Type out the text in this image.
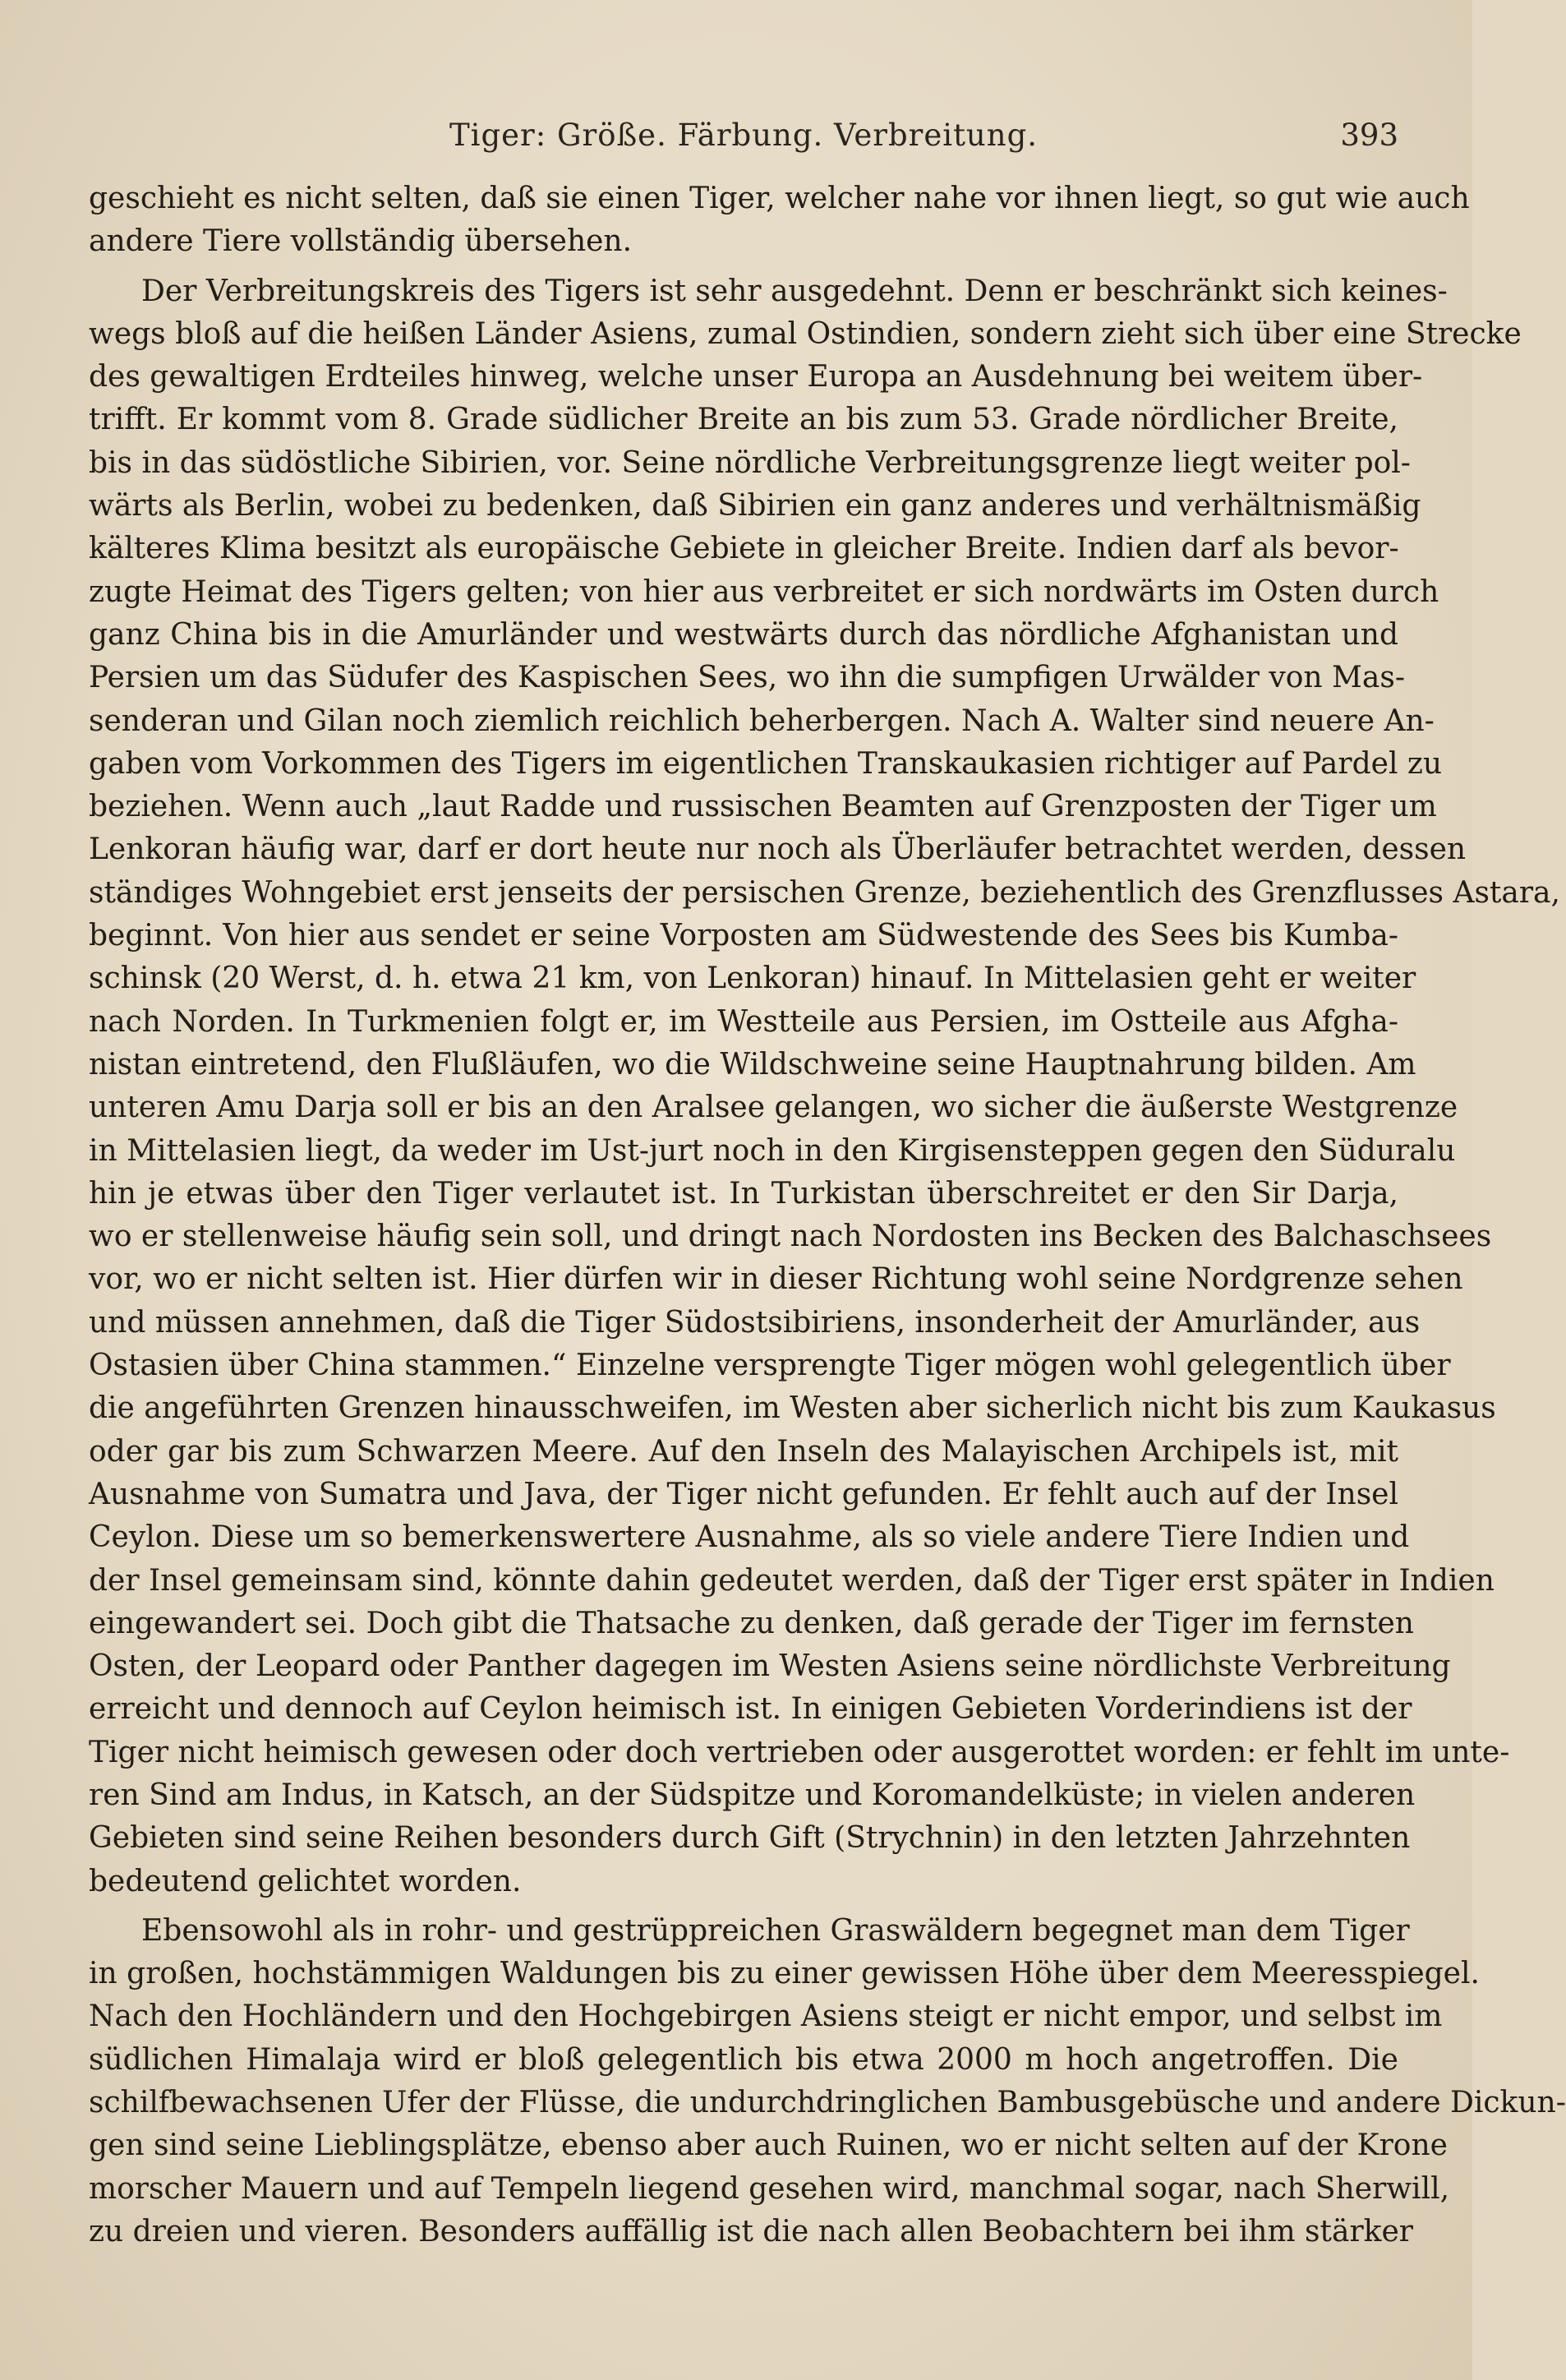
Tiger: Größe. Färbung. Verbreitung.	393
geschieht es nicht selten, daß sie einen Tiger, welcher nahe vor ihnen liegt, so gut wie auch
andere Tiere vollständig übersehen.
Der Verbreitungskreis des Tigers ist sehr ausgedehnt. Denn er beschränkt sich keines-
wegs bloß auf die heißen Länder Asiens, zumal Ostindien, sondern zieht sich über eine Strecke
des gewaltigen Erdteiles hinweg, welche unser Europa an Ausdehnung bei weitem über-
trifft. Er kommt vom 8. Grade südlicher Breite an bis zum 53. Grade nördlicher Breite,
bis in das südöstliche Sibirien, vor. Seine nördliche Verbreitungsgrenze liegt weiter pol-
wärts als Berlin, wobei zu bedenken, daß Sibirien ein ganz anderes und verhältnismäßig
kälteres Klima besitzt als europäische Gebiete in gleicher Breite. Indien darf als bevor-
zugte Heimat des Tigers gelten; von hier aus verbreitet er sich nordwärts im Osten durch
ganz China bis in die Amurländer und westwärts durch das nördliche Afghanistan und
Persien um das Südufer des Kaspischen Sees, wo ihn die sumpfigen Urwälder von Mas-
senderan und Gilan noch ziemlich reichlich beherbergen. Nach A. Walter sind neuere An-
gaben vom Vorkommen des Tigers im eigentlichen Transkaukasien richtiger auf Pardel zu
beziehen. Wenn auch „laut Radde und russischen Beamten auf Grenzposten der Tiger um
Lenkoran häufig war, darf er dort heute nur noch als Überläufer betrachtet werden, dessen
ständiges Wohngebiet erst jenseits der persischen Grenze, beziehentlich des Grenzflusses Astara,
beginnt. Von hier aus sendet er seine Vorposten am Südwestende des Sees bis Kumba-
schinsk (20 Werst, d. h. etwa 21 km, von Lenkoran) hinauf. In Mittelasien geht er weiter
nach Norden. In Turkmenien folgt er, im Westteile aus Persien, im Ostteile aus Afgha-
nistan eintretend, den Flußläufen, wo die Wildschweine seine Hauptnahrung bilden. Am
unteren Amu Darja soll er bis an den Aralsee gelangen, wo sicher die äußerste Westgrenze
in Mittelasien liegt, da weder im Ust-jurt noch in den Kirgisensteppen gegen den Süduralu
hin je etwas über den Tiger verlautet ist. In Turkistan überschreitet er den Sir Darja,
wo er stellenweise häufig sein soll, und dringt nach Nordosten ins Becken des Balchaschsees
vor, wo er nicht selten ist. Hier dürfen wir in dieser Richtung wohl seine Nordgrenze sehen
und müssen annehmen, daß die Tiger Südostsibiriens, insonderheit der Amurländer, aus
Ostasien über China stammen.“ Einzelne versprengte Tiger mögen wohl gelegentlich über
die angeführten Grenzen hinausschweifen, im Westen aber sicherlich nicht bis zum Kaukasus
oder gar bis zum Schwarzen Meere. Auf den Inseln des Malayischen Archipels ist, mit
Ausnahme von Sumatra und Java, der Tiger nicht gefunden. Er fehlt auch auf der Insel
Ceylon. Diese um so bemerkenswertere Ausnahme, als so viele andere Tiere Indien und
der Insel gemeinsam sind, könnte dahin gedeutet werden, daß der Tiger erst später in Indien
eingewandert sei. Doch gibt die Thatsache zu denken, daß gerade der Tiger im fernsten
Osten, der Leopard oder Panther dagegen im Westen Asiens seine nördlichste Verbreitung
erreicht und dennoch auf Ceylon heimisch ist. In einigen Gebieten Vorderindiens ist der
Tiger nicht heimisch gewesen oder doch vertrieben oder ausgerottet worden: er fehlt im unte-
ren Sind am Indus, in Katsch, an der Südspitze und Koromandelküste; in vielen anderen
Gebieten sind seine Reihen besonders durch Gift (Strychnin) in den letzten Jahrzehnten
bedeutend gelichtet worden.
Ebensowohl als in rohr- und gestrüppreichen Graswäldern begegnet man dem Tiger
in großen, hochstämmigen Waldungen bis zu einer gewissen Höhe über dem Meeresspiegel.
Nach den Hochländern und den Hochgebirgen Asiens steigt er nicht empor, und selbst im
südlichen Himalaja wird er bloß gelegentlich bis etwa 2000 m hoch angetroffen. Die
schilfbewachsenen Ufer der Flüsse, die undurchdringlichen Bambusgebüsche und andere Dickun-
gen sind seine Lieblingsplätze, ebenso aber auch Ruinen, wo er nicht selten auf der Krone
morscher Mauern und auf Tempeln liegend gesehen wird, manchmal sogar, nach Sherwill,
zu dreien und vieren. Besonders auffällig ist die nach allen Beobachtern bei ihm stärker
